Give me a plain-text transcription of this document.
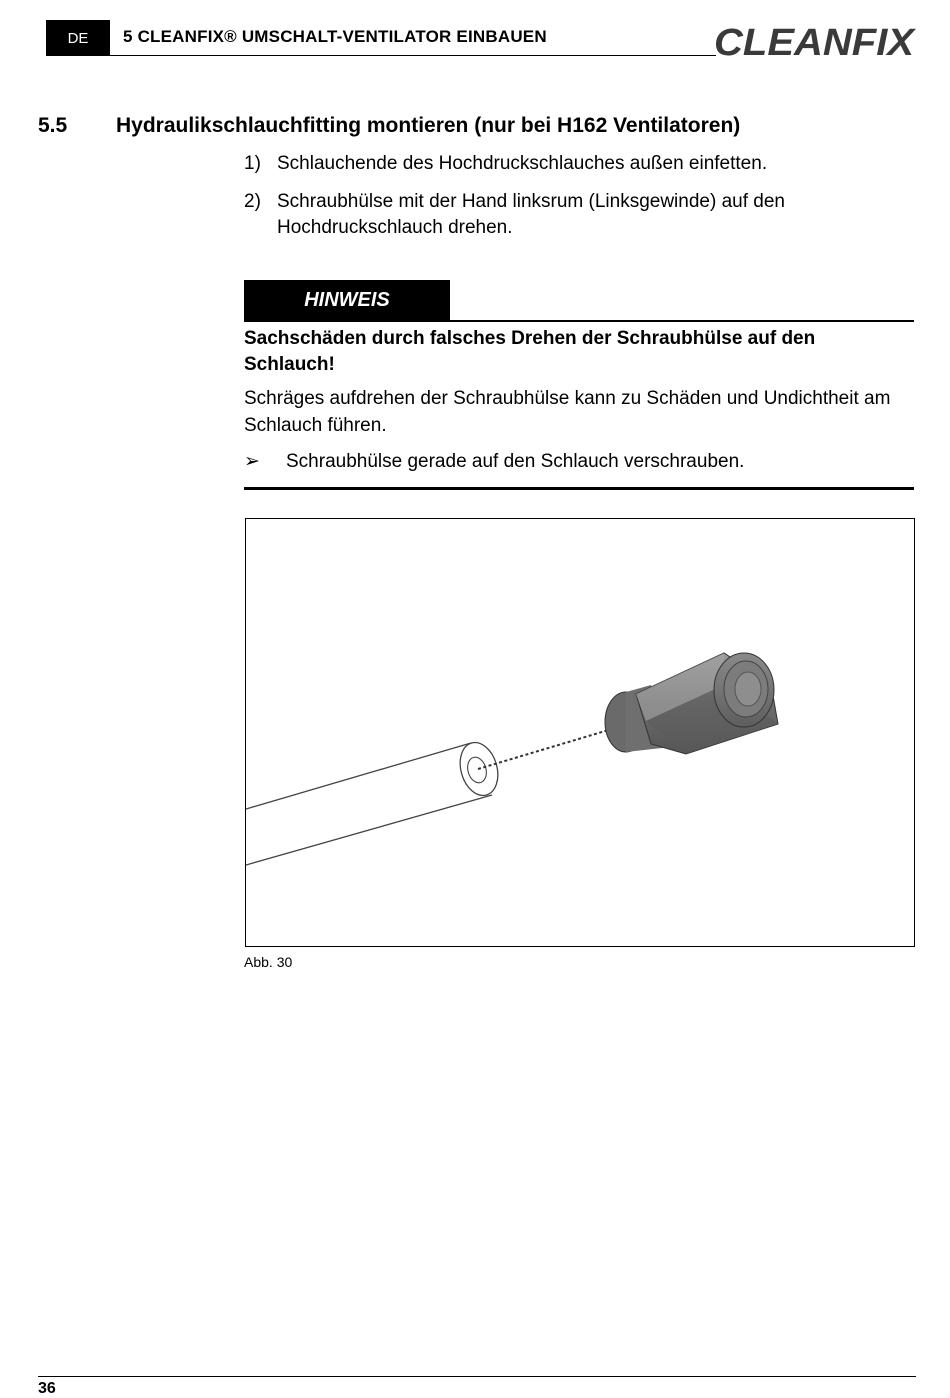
DE 5 CLEANFIX® UMSCHALT-VENTILATOR EINBAUEN	CLEANFIX
5.5 Hydraulikschlauchfitting montieren (nur bei H162 Ventilatoren)
1) Schlauchende des Hochdruckschlauches außen einfetten.
2) Schraubhülse mit der Hand linksrum (Linksgewinde) auf den Hochdruckschlauch drehen.
HINWEIS
Sachschäden durch falsches Drehen der Schraubhülse auf den Schlauch!
Schräges aufdrehen der Schraubhülse kann zu Schäden und Undichtheit am Schlauch führen.
➢ Schraubhülse gerade auf den Schlauch verschrauben.
Abb. 30
36
